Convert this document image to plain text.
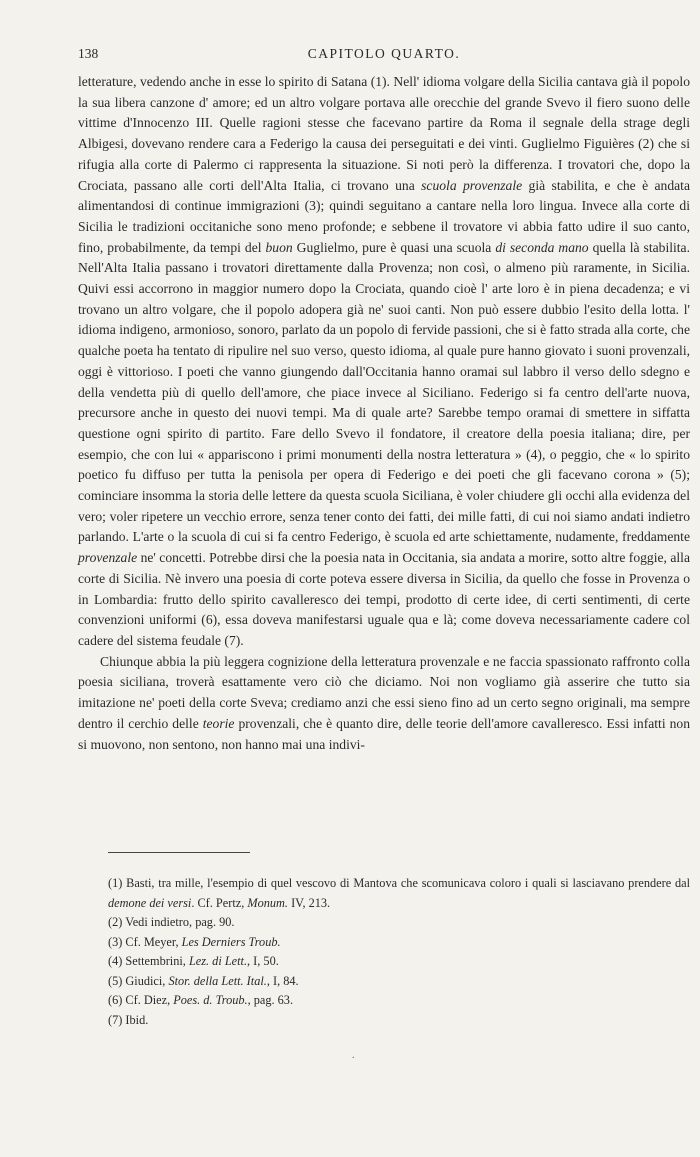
138	CAPITOLO QUARTO.

letterature, vedendo anche in esse lo spirito di Satana (1). Nell' idioma volgare della Sicilia cantava già il popolo la sua libera canzone d' amore; ed un altro volgare portava alle orecchie del grande Svevo il fiero suono delle vittime d'Innocenzo III. Quelle ragioni stesse che facevano partire da Roma il segnale della strage degli Albigesi, dovevano rendere cara a Federigo la causa dei perseguitati e dei vinti. Guglielmo Figuières (2) che si rifugia alla corte di Palermo ci rappresenta la situazione. Si noti però la differenza. I trovatori che, dopo la Crociata, passano alle corti dell'Alta Italia, ci trovano una scuola provenzale già stabilita, e che è andata alimentandosi di continue immigrazioni (3); quindi seguitano a cantare nella loro lingua. Invece alla corte di Sicilia le tradizioni occitaniche sono meno profonde; e sebbene il trovatore vi abbia fatto udire il suo canto, fino, probabilmente, da tempi del buon Guglielmo, pure è quasi una scuola di seconda mano quella là stabilita. Nell'Alta Italia passano i trovatori direttamente dalla Provenza; non così, o almeno più raramente, in Sicilia. Quivi essi accorrono in maggior numero dopo la Crociata, quando cioè l' arte loro è in piena decadenza; e vi trovano un altro volgare, che il popolo adopera già ne' suoi canti. Non può essere dubbio l'esito della lotta. l' idioma indigeno, armonioso, sonoro, parlato da un popolo di fervide passioni, che si è fatto strada alla corte, che qualche poeta ha tentato di ripulire nel suo verso, questo idioma, al quale pure hanno giovato i suoni provenzali, oggi è vittorioso. I poeti che vanno giungendo dall'Occitania hanno oramai sul labbro il verso dello sdegno e della vendetta più di quello dell'amore, che piace invece al Siciliano. Federigo si fa centro dell'arte nuova, precursore anche in questo dei nuovi tempi. Ma di quale arte? Sarebbe tempo oramai di smettere in siffatta questione ogni spirito di partito. Fare dello Svevo il fondatore, il creatore della poesia italiana; dire, per esempio, che con lui « appariscono i primi monumenti della nostra letteratura » (4), o peggio, che « lo spirito poetico fu diffuso per tutta la penisola per opera di Federigo e dei poeti che gli facevano corona » (5); cominciare insomma la storia delle lettere da questa scuola Siciliana, è voler chiudere gli occhi alla evidenza del vero; voler ripetere un vecchio errore, senza tener conto dei fatti, dei mille fatti, di cui noi siamo andati indietro parlando. L'arte o la scuola di cui si fa centro Federigo, è scuola ed arte schiettamente, nudamente, freddamente provenzale ne' concetti. Potrebbe dirsi che la poesia nata in Occitania, sia andata a morire, sotto altre foggie, alla corte di Sicilia. Nè invero una poesia di corte poteva essere diversa in Sicilia, da quello che fosse in Provenza o in Lombardia: frutto dello spirito cavalleresco dei tempi, prodotto di certe idee, di certi sentimenti, di certe convenzioni uniformi (6), essa doveva manifestarsi uguale qua e là; come doveva necessariamente cadere col cadere del sistema feudale (7).

Chiunque abbia la più leggera cognizione della letteratura provenzale e ne faccia spassionato raffronto colla poesia siciliana, troverà esattamente vero ciò che diciamo. Noi non vogliamo già asserire che tutto sia imitazione ne' poeti della corte Sveva; crediamo anzi che essi sieno fino ad un certo segno originali, ma sempre dentro il cerchio delle teorie provenzali, che è quanto dire, delle teorie dell'amore cavalleresco. Essi infatti non si muovono, non sentono, non hanno mai una indivi-

(1) Basti, tra mille, l'esempio di quel vescovo di Mantova che scomunicava coloro i quali si lasciavano prendere dal demone dei versi. Cf. Pertz, Monum. IV, 213.

(2) Vedi indietro, pag. 90.

(3) Cf. Meyer, Les Derniers Troub.

(4) Settembrini, Lez. di Lett., I, 50.

(5) Giudici, Stor. della Lett. Ital., I, 84.

(6) Cf. Diez, Poes. d. Troub., pag. 63.

(7) Ibid.

.
